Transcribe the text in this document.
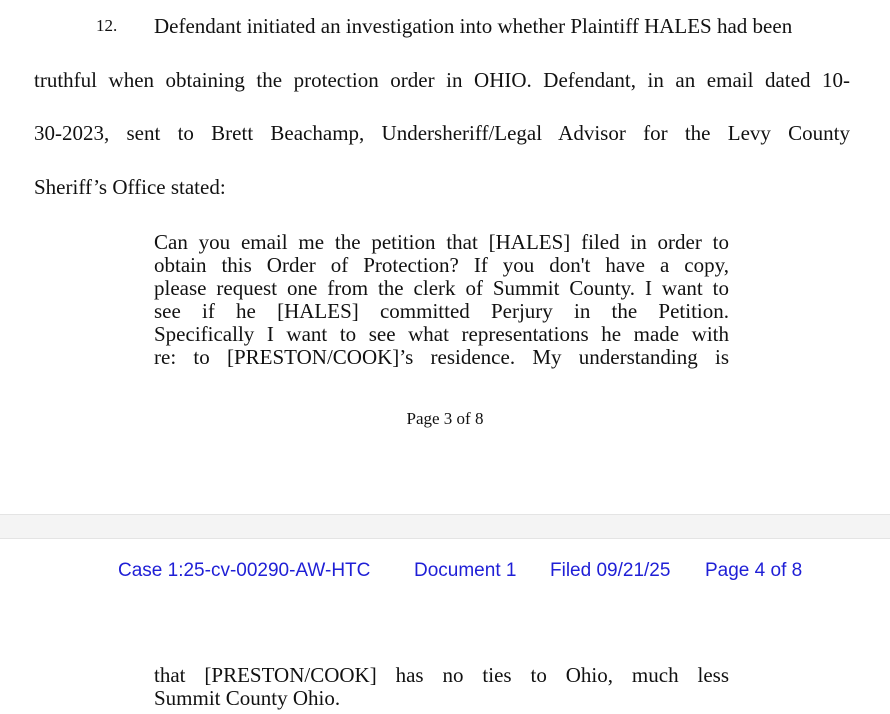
12. Defendant initiated an investigation into whether Plaintiff HALES had been
truthful when obtaining the protection order in OHIO. Defendant, in an email dated 10-
30-2023, sent to Brett Beachamp, Undersheriff/Legal Advisor for the Levy County
Sheriff’s Office stated:
Can you email me the petition that [HALES] filed in order to
obtain this Order of Protection? If you don't have a copy,
please request one from the clerk of Summit County. I want to
see if he [HALES] committed Perjury in the Petition.
Specifically I want to see what representations he made with
re: to [PRESTON/COOK]’s residence. My understanding is
Page 3 of 8
Case 1:25-cv-00290-AW-HTC Document 1 Filed 09/21/25 Page 4 of 8
that [PRESTON/COOK] has no ties to Ohio, much less
Summit County Ohio.
